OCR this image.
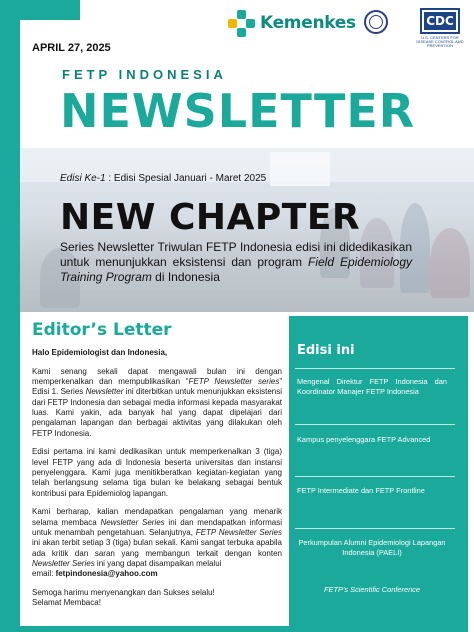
Kemenkes	CDC
U.S. CENTERS FOR DISEASE CONTROL AND PREVENTION
APRIL 27, 2025
FETP INDONESIA
NEWSLETTER
Edisi Ke-1 : Edisi Spesial Januari - Maret 2025
NEW CHAPTER
Series Newsletter Triwulan FETP Indonesia edisi ini didedikasikan untuk menunjukkan eksistensi dan program Field Epidemiology Training Program di Indonesia
Editor’s Letter

Halo Epidemiologist dan Indonesia,

Kami senang sekali dapat mengawali bulan ini dengan memperkenalkan dan mempublikasikan “FETP Newsletter series” Edisi 1. Series Newsletter ini diterbitkan untuk menunjukkan eksistensi dari FETP Indonesia dan sebagai media informasi kepada masyarakat luas. Kami yakin, ada banyak hal yang dapat dipelajari dari pengalaman lapangan dan berbagai aktivitas yang dilakukan oleh FETP Indonesia.

Edisi pertama ini kami dedikasikan untuk memperkenalkan 3 (tiga) level FETP yang ada di Indonesia beserta universitas dan instansi penyelenggara. Kami juga menitikberatkan kegiatan-kegiatan yang telah berlangsung selama tiga bulan ke belakang sebagai bentuk kontribusi para Epidemiolog lapangan.

Kami berharap, kalian mendapatkan pengalaman yang menarik selama membaca Newsletter Series ini dan mendapatkan informasi untuk menambah pengetahuan. Selanjutnya, FETP Newsletter Series ini akan terbit setiap 3 (tiga) bulan sekali. Kami sangat terbuka apabila ada kritik dan saran yang membangun terkait dengan konten Newsletter Series ini yang dapat disampaikan melalui
email: fetpindonesia@yahoo.com

Semoga harimu menyenangkan dan Sukses selalu!
Selamat Membaca!

Edisi ini
Mengenal Direktur FETP Indonesia dan Koordinator Manajer FETP Indonesia
Kampus penyelenggara FETP Advanced
FETP Intermediate dan FETP Frontline
Perkumpulan Alumni Epidemiologi Lapangan Indonesia (PAELI)
FETP’s Scientific Conference
